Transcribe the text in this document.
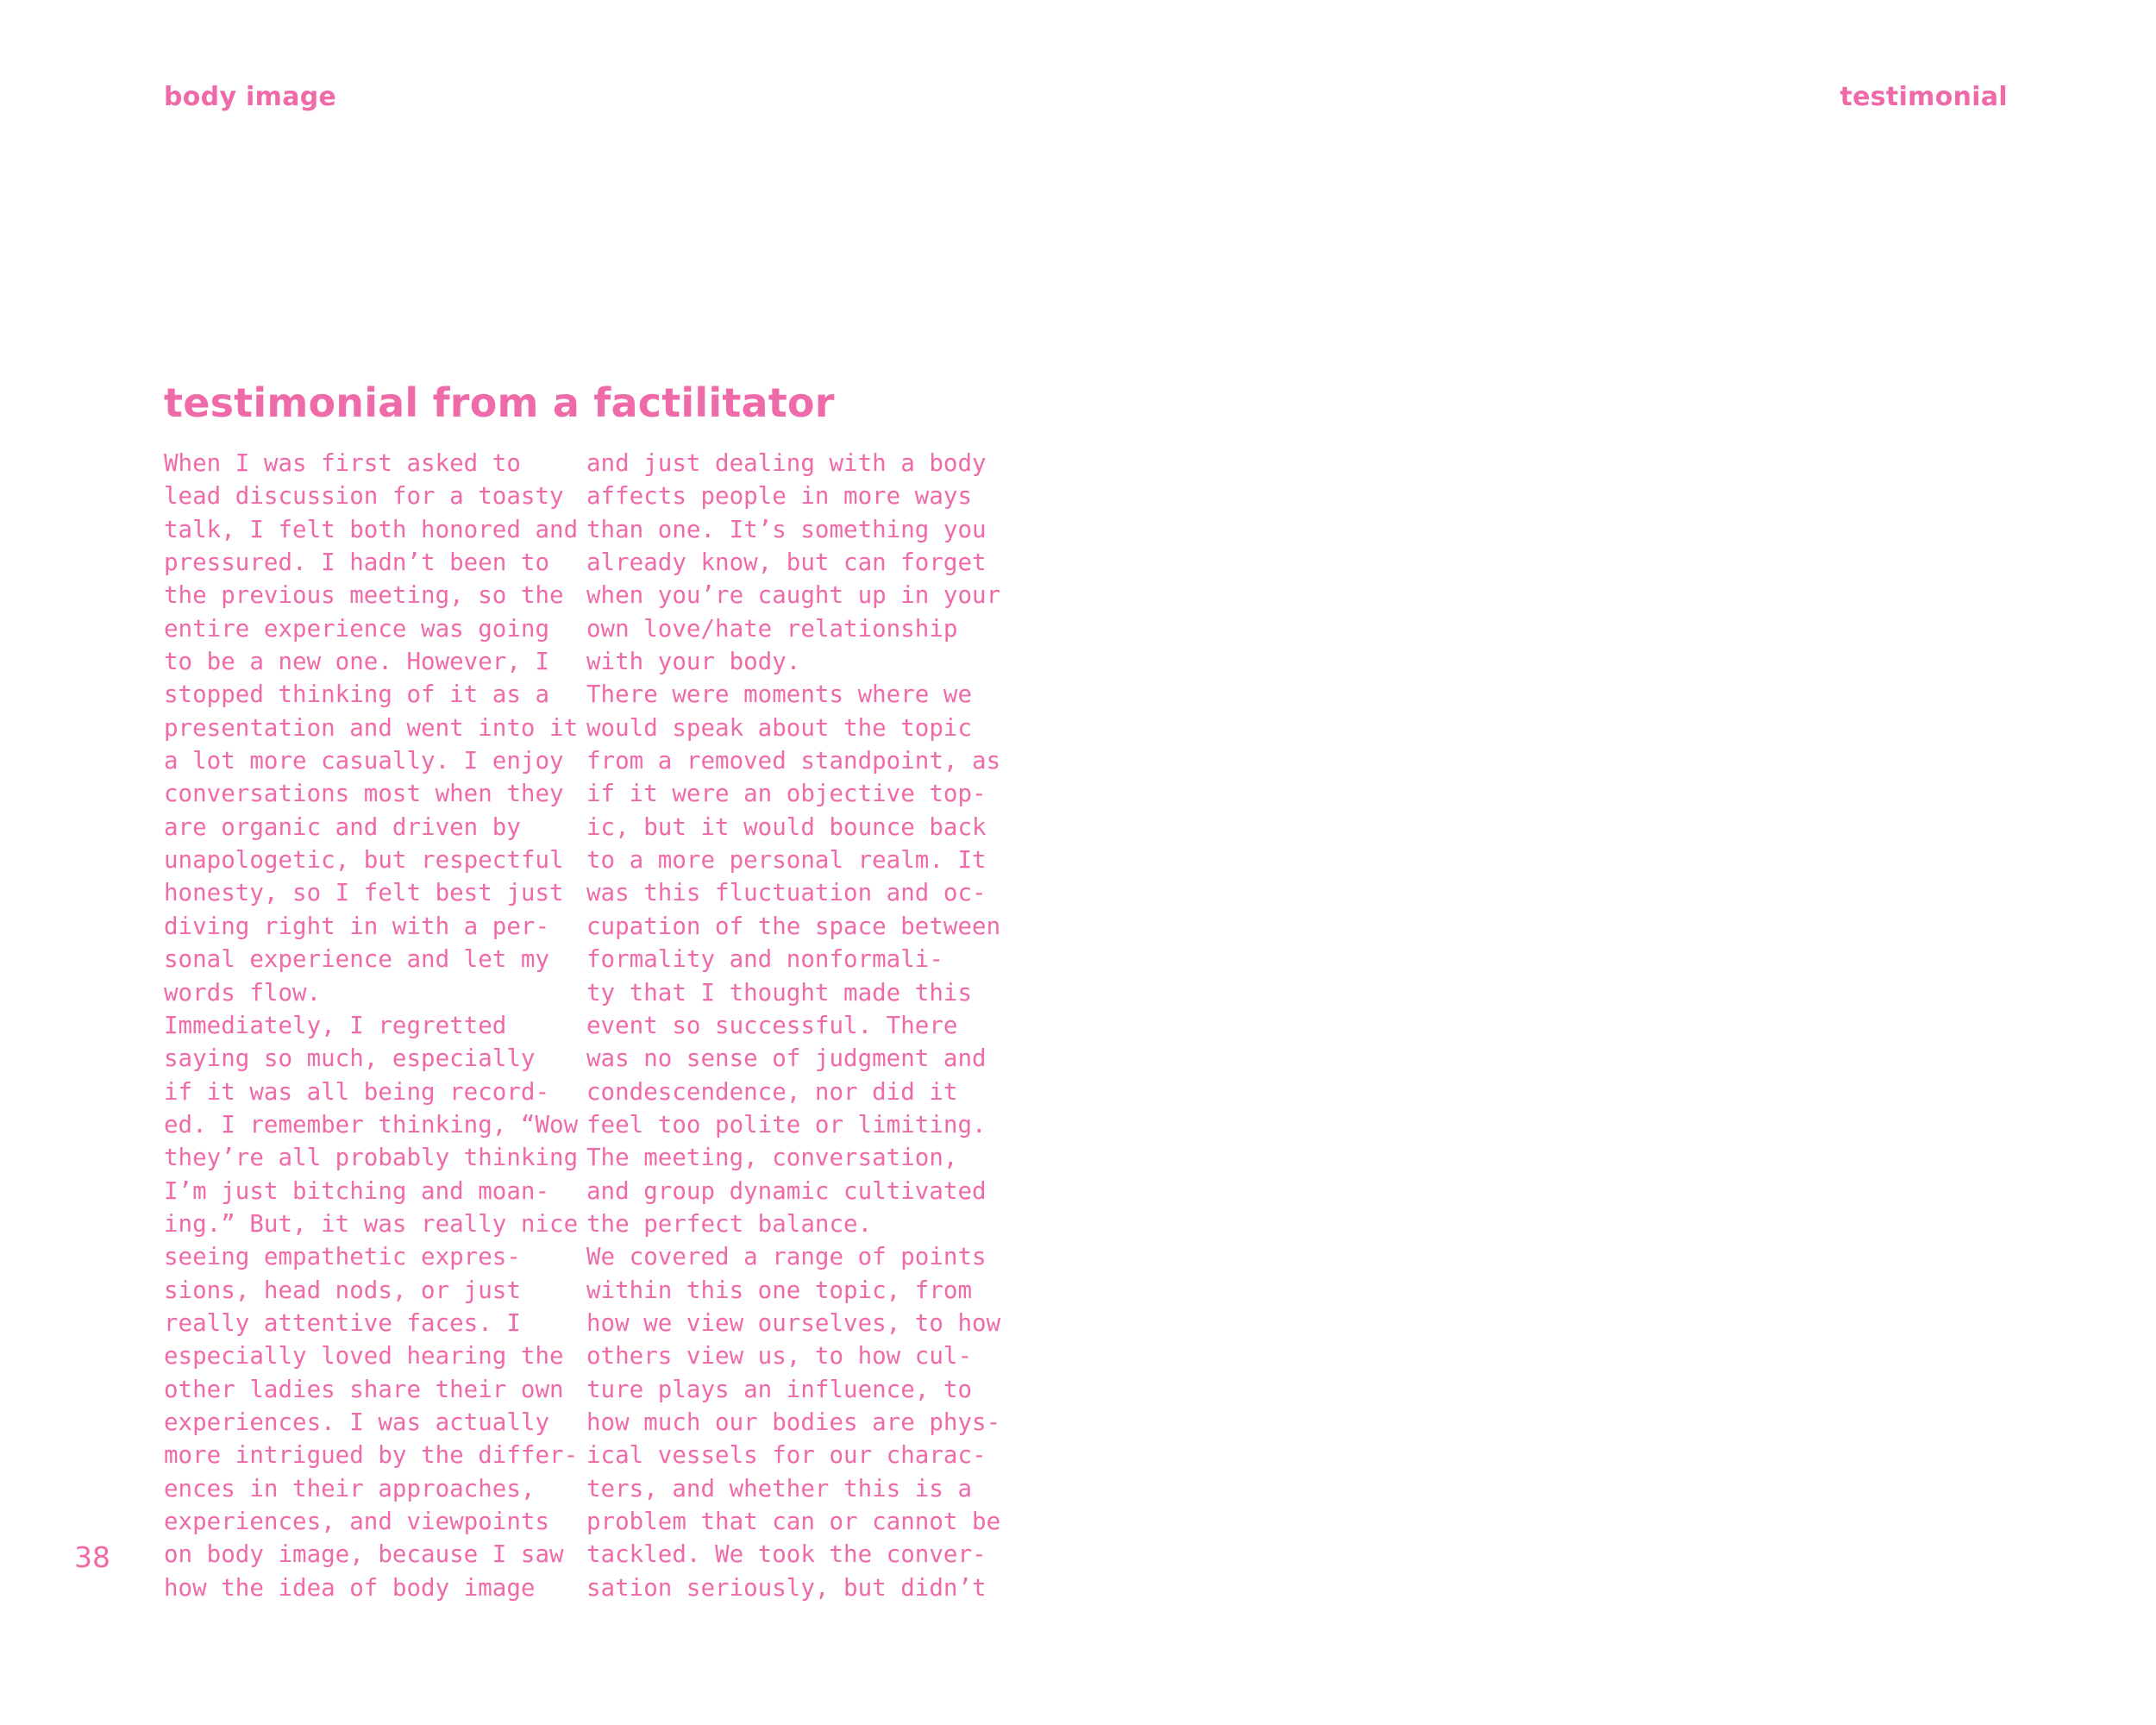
body image	testimonial
testimonial from a factilitator
When I was first asked to
lead discussion for a toasty
talk, I felt both honored and
pressured. I hadn’t been to
the previous meeting, so the
entire experience was going
to be a new one. However, I
stopped thinking of it as a
presentation and went into it
a lot more casually. I enjoy
conversations most when they
are organic and driven by
unapologetic, but respectful
honesty, so I felt best just
diving right in with a per-
sonal experience and let my
words flow.
Immediately, I regretted
saying so much, especially
if it was all being record-
ed. I remember thinking, “Wow
they’re all probably thinking
I’m just bitching and moan-
ing.” But, it was really nice
seeing empathetic expres-
sions, head nods, or just
really attentive faces. I
especially loved hearing the
other ladies share their own
experiences. I was actually
more intrigued by the differ-
ences in their approaches,
experiences, and viewpoints
on body image, because I saw
how the idea of body image
and just dealing with a body
affects people in more ways
than one. It’s something you
already know, but can forget
when you’re caught up in your
own love/hate relationship
with your body.
There were moments where we
would speak about the topic
from a removed standpoint, as
if it were an objective top-
ic, but it would bounce back
to a more personal realm. It
was this fluctuation and oc-
cupation of the space between
formality and nonformali-
ty that I thought made this
event so successful. There
was no sense of judgment and
condescendence, nor did it
feel too polite or limiting.
The meeting, conversation,
and group dynamic cultivated
the perfect balance.
We covered a range of points
within this one topic, from
how we view ourselves, to how
others view us, to how cul-
ture plays an influence, to
how much our bodies are phys-
ical vessels for our charac-
ters, and whether this is a
problem that can or cannot be
tackled. We took the conver-
sation seriously, but didn’t
38
